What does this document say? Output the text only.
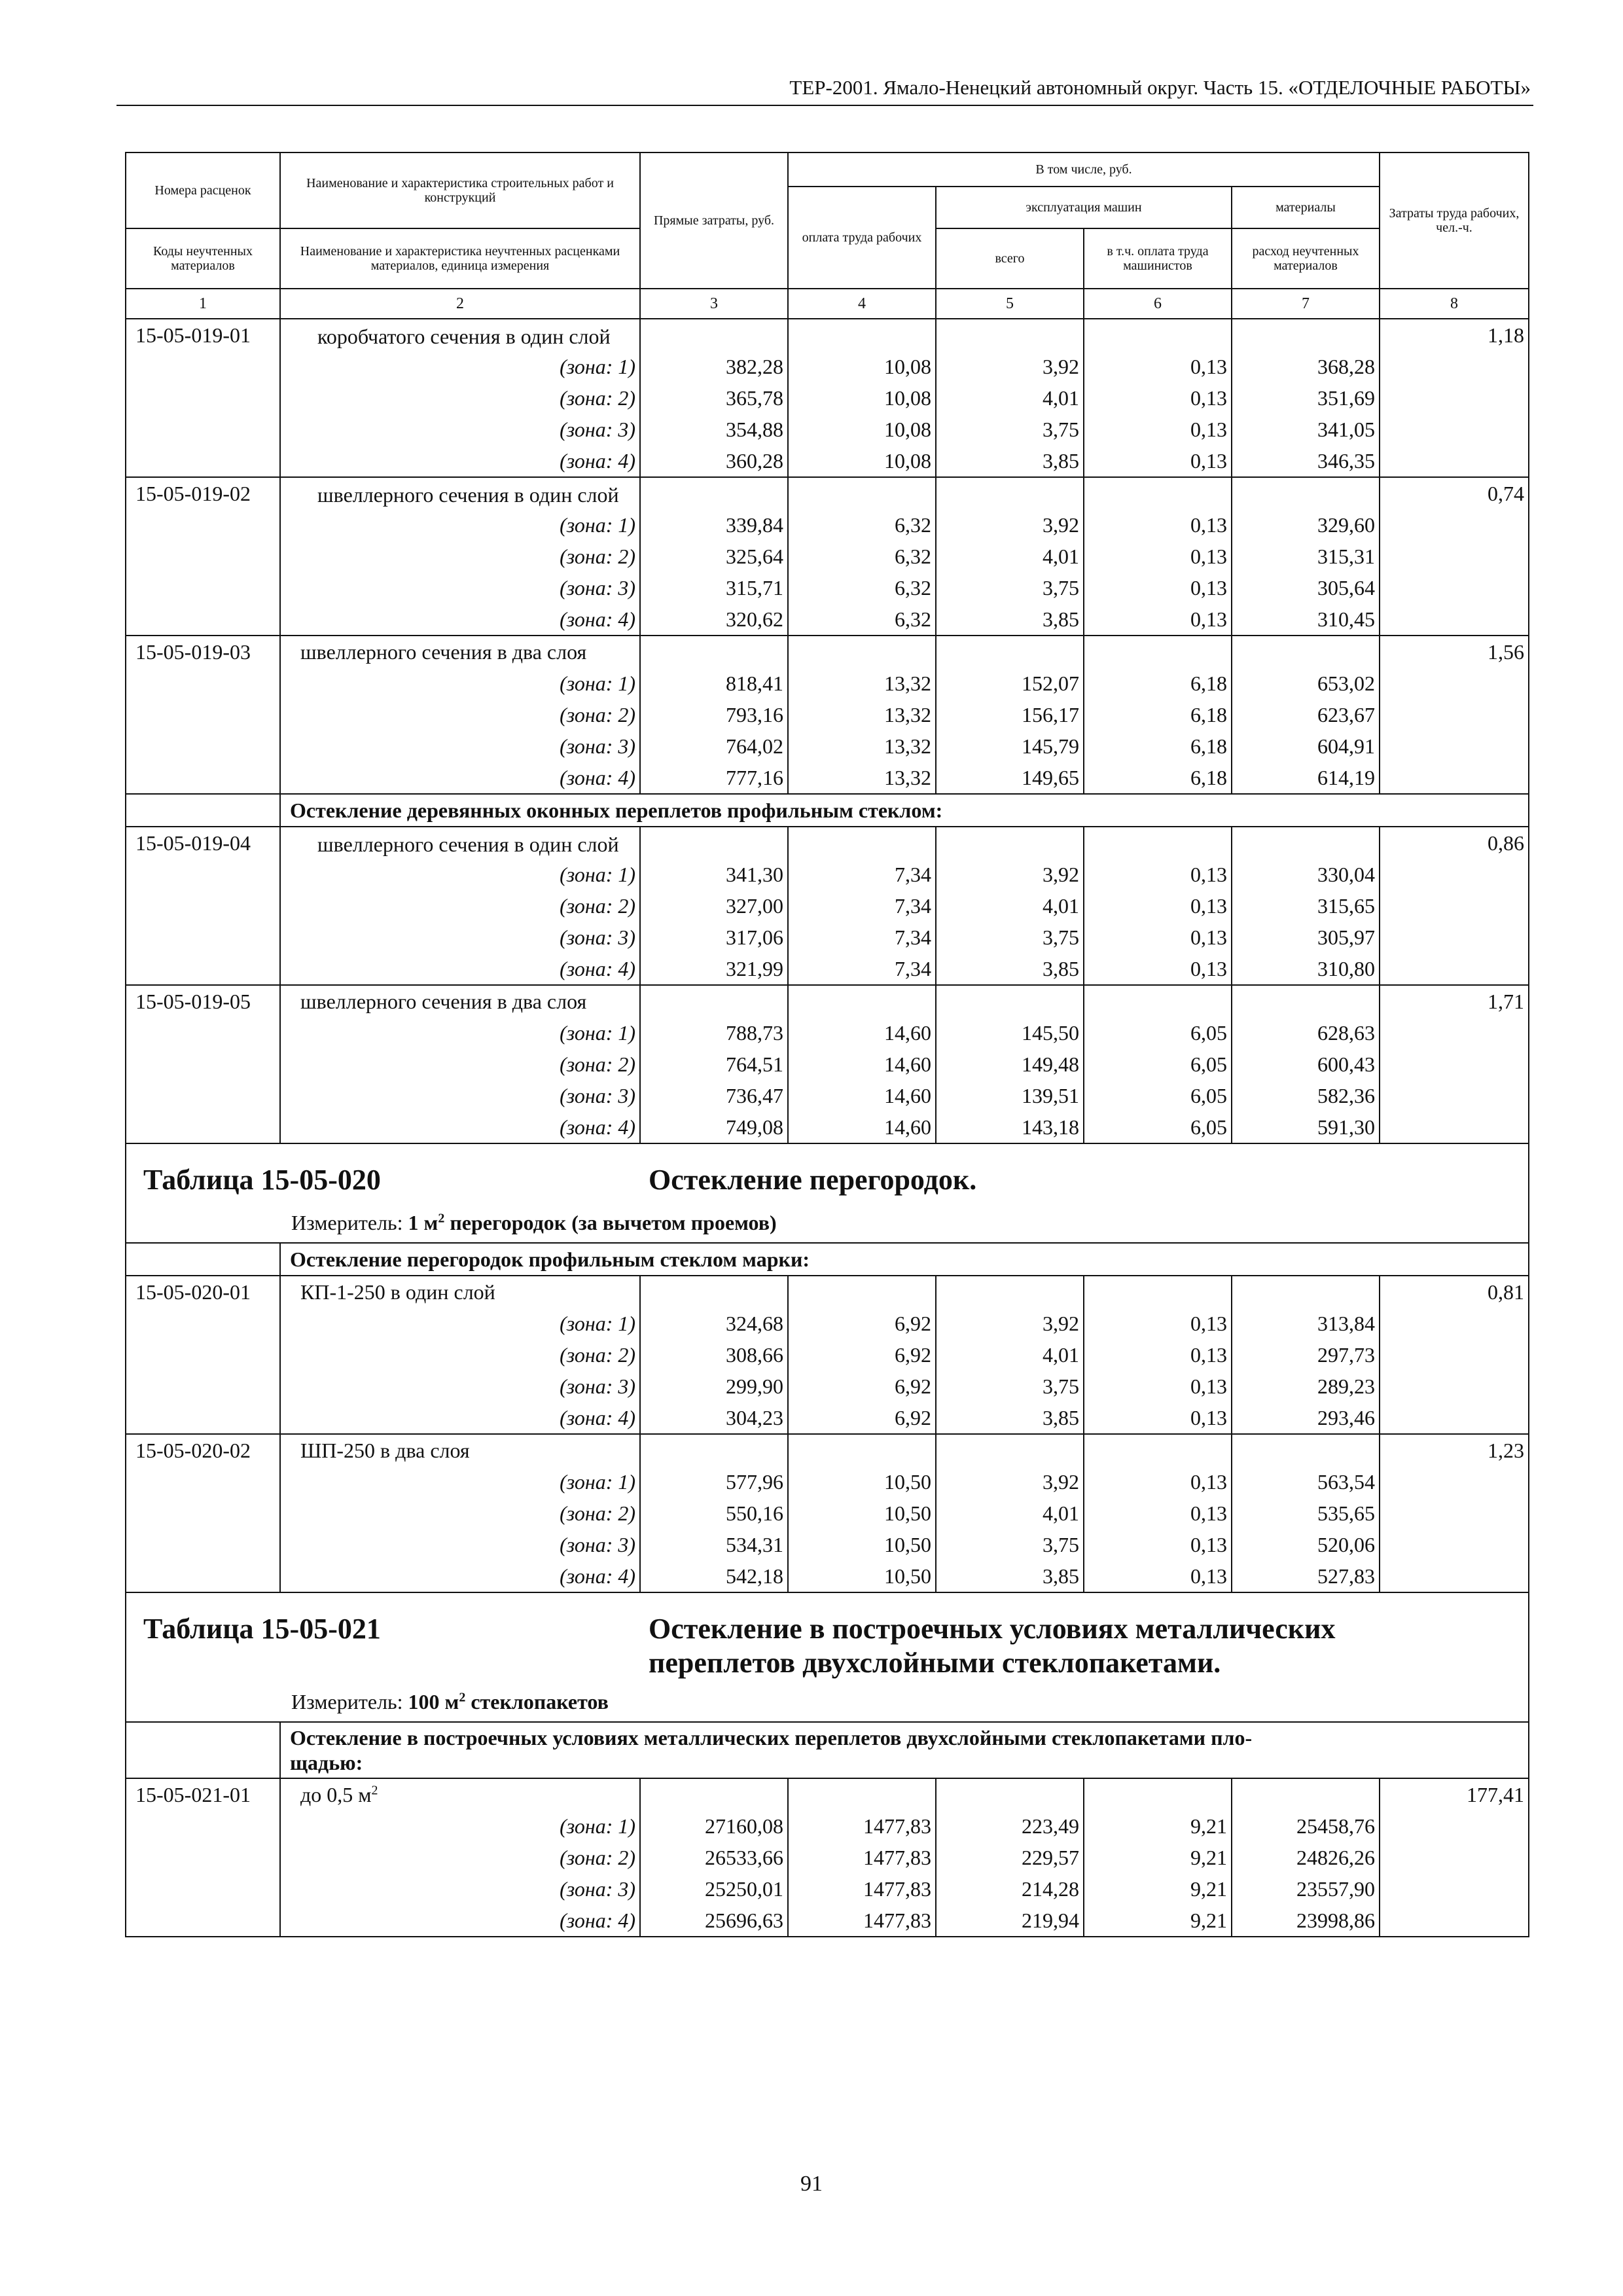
ТЕР-2001. Ямало-Ненецкий автономный округ. Часть 15. «ОТДЕЛОЧНЫЕ РАБОТЫ»
Номера расценок	Наименование и характеристика строительных работ и конструкций	Прямые затраты, руб.	В том числе, руб.				Затраты труда рабочих, чел.-ч.
			оплата труда рабочих	эксплуатация машин		материалы	
Коды неучтенных материалов	Наименование и характеристика неучтенных расценками материалов, единица измерения			всего	в т.ч. оплата труда машинистов	расход неучтенных материалов	
1	2	3	4	5	6	7	8
15-05-019-01	коробчатого сечения в один слой						1,18
	(зона: 1)	382,28	10,08	3,92	0,13	368,28	
	(зона: 2)	365,78	10,08	4,01	0,13	351,69	
	(зона: 3)	354,88	10,08	3,75	0,13	341,05	
	(зона: 4)	360,28	10,08	3,85	0,13	346,35	
15-05-019-02	швеллерного сечения в один слой						0,74
	(зона: 1)	339,84	6,32	3,92	0,13	329,60	
	(зона: 2)	325,64	6,32	4,01	0,13	315,31	
	(зона: 3)	315,71	6,32	3,75	0,13	305,64	
	(зона: 4)	320,62	6,32	3,85	0,13	310,45	
15-05-019-03	швеллерного сечения в два слоя						1,56
	(зона: 1)	818,41	13,32	152,07	6,18	653,02	
	(зона: 2)	793,16	13,32	156,17	6,18	623,67	
	(зона: 3)	764,02	13,32	145,79	6,18	604,91	
	(зона: 4)	777,16	13,32	149,65	6,18	614,19	
	Остекление деревянных оконных переплетов профильным стеклом:						
15-05-019-04	швеллерного сечения в один слой						0,86
	(зона: 1)	341,30	7,34	3,92	0,13	330,04	
	(зона: 2)	327,00	7,34	4,01	0,13	315,65	
	(зона: 3)	317,06	7,34	3,75	0,13	305,97	
	(зона: 4)	321,99	7,34	3,85	0,13	310,80	
15-05-019-05	швеллерного сечения в два слоя						1,71
	(зона: 1)	788,73	14,60	145,50	6,05	628,63	
	(зона: 2)	764,51	14,60	149,48	6,05	600,43	
	(зона: 3)	736,47	14,60	139,51	6,05	582,36	
	(зона: 4)	749,08	14,60	143,18	6,05	591,30	

Таблица 15-05-020 Остекление перегородок.
Измеритель: 1 $м^2$ перегородок (за вычетом проемов)							

	Остекление перегородок профильным стеклом марки:						
15-05-020-01	КП-1-250 в один слой						0,81
	(зона: 1)	324,68	6,92	3,92	0,13	313,84	
	(зона: 2)	308,66	6,92	4,01	0,13	297,73	
	(зона: 3)	299,90	6,92	3,75	0,13	289,23	
	(зона: 4)	304,23	6,92	3,85	0,13	293,46	
15-05-020-02	ШП-250 в два слоя						1,23
	(зона: 1)	577,96	10,50	3,92	0,13	563,54	
	(зона: 2)	550,16	10,50	4,01	0,13	535,65	
	(зона: 3)	534,31	10,50	3,75	0,13	520,06	
	(зона: 4)	542,18	10,50	3,85	0,13	527,83	

Таблица 15-05-021 Остекление в построечных условиях металлических
переплетов двухслойными стеклопакетами.
Измеритель: 100 $м^2$ стеклопакетов							

	Остекление в построечных условиях металлических переплетов двухслойными стеклопакетами пло-
щадью:						
15-05-021-01	до 0,5 $м^2$						177,41
	(зона: 1)	27160,08	1477,83	223,49	9,21	25458,76	
	(зона: 2)	26533,66	1477,83	229,57	9,21	24826,26	
	(зона: 3)	25250,01	1477,83	214,28	9,21	23557,90	
	(зона: 4)	25696,63	1477,83	219,94	9,21	23998,86	
91
